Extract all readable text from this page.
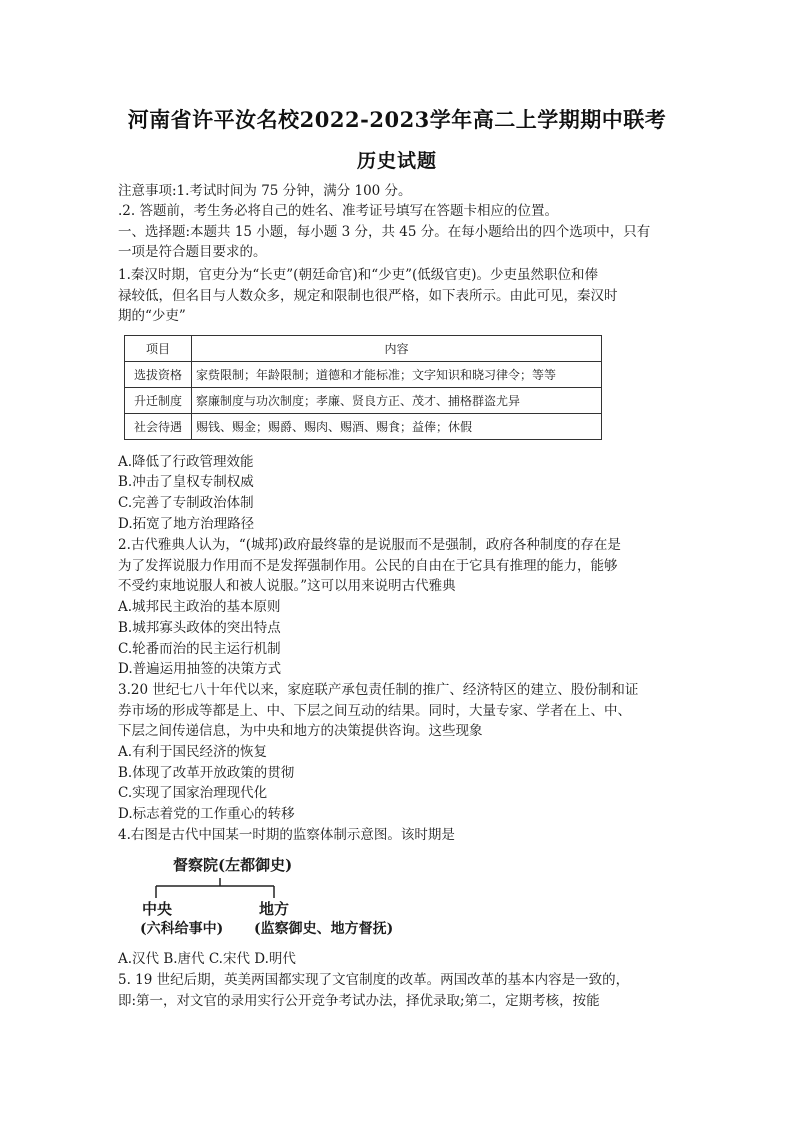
河南省许平汝名校2022-2023学年高二上学期期中联考
历史试题
注意事项:1.考试时间为 75 分钟，满分 100 分。
.2. 答题前，考生务必将自己的姓名、准考证号填写在答题卡相应的位置。
一、选择题:本题共 15 小题，每小题 3 分，共 45 分。在每小题给出的四个选项中，只有
一项是符合题目要求的。
1.秦汉时期，官吏分为“长吏”(朝廷命官)和“少吏”(低级官吏)。少吏虽然职位和俸
禄较低，但名目与人数众多，规定和限制也很严格，如下表所示。由此可见，秦汉时
期的“少吏”
项目	内容
选拔资格	家赀限制；年龄限制；道德和才能标准；文字知识和晓习律令；等等
升迁制度	察廉制度与功次制度；孝廉、贤良方正、茂才、捕格群盗尤异
社会待遇	赐钱、赐金；赐爵、赐肉、赐酒、赐食；益俸；休假
A.降低了行政管理效能
B.冲击了皇权专制权威
C.完善了专制政治体制
D.拓宽了地方治理路径
2.古代雅典人认为，“(城邦)政府最终靠的是说服而不是强制，政府各种制度的存在是
为了发挥说服力作用而不是发挥强制作用。公民的自由在于它具有推理的能力，能够
不受约束地说服人和被人说服。”这可以用来说明古代雅典
A.城邦民主政治的基本原则
B.城邦寡头政体的突出特点
C.轮番而治的民主运行机制
D.普遍运用抽签的决策方式
3.20 世纪七八十年代以来，家庭联产承包责任制的推广、经济特区的建立、股份制和证
券市场的形成等都是上、中、下层之间互动的结果。同时，大量专家、学者在上、中、
下层之间传递信息，为中央和地方的决策提供咨询。这些现象
A.有利于国民经济的恢复
B.体现了改革开放政策的贯彻
C.实现了国家治理现代化
D.标志着党的工作重心的转移
4.右图是古代中国某一时期的监察体制示意图。该时期是
督察院(左都御史)
中央
(六科给事中)
地方
(监察御史、地方督抚)
A.汉代 B.唐代 C.宋代 D.明代
5. 19 世纪后期，英美两国都实现了文官制度的改革。两国改革的基本内容是一致的，
即:第一，对文官的录用实行公开竞争考试办法，择优录取;第二，定期考核，按能
